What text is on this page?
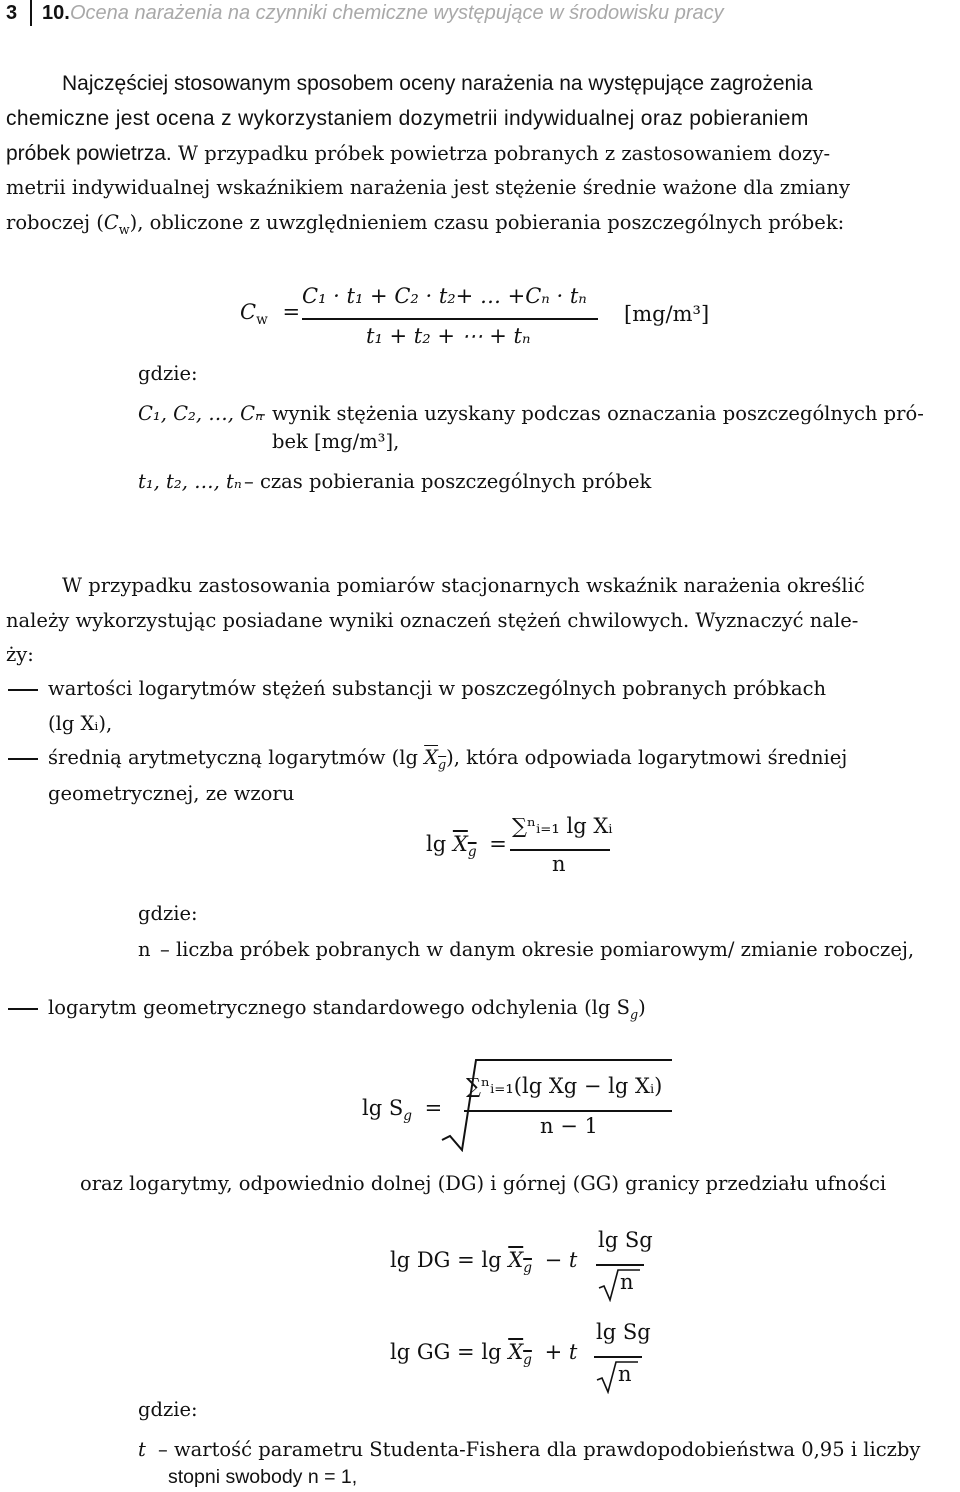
3 10. Ocena narażenia na czynniki chemiczne występujące w środowisku pracy
Najczęściej stosowanym sposobem oceny narażenia na występujące zagrożenia
chemiczne jest ocena z wykorzystaniem dozymetrii indywidualnej oraz pobieraniem
próbek powietrza. W przypadku próbek powietrza pobranych z zastosowaniem dozy-
metrii indywidualnej wskaźnikiem narażenia jest stężenie średnie ważone dla zmiany
roboczej $(C_w)$, obliczone z uwzględnieniem czasu pobierania poszczególnych próbek:
$C_w$ =
C₁ · t₁ + C₂ · t₂+ … +Cₙ · tₙ
t₁ + t₂ + ⋯ + tₙ
[mg/m³]
gdzie:
C₁, C₂, …, Cₙ
– wynik stężenia uzyskany podczas oznaczania poszczególnych pró-
bek [mg/m³],
t₁, t₂, …, tₙ – czas pobierania poszczególnych próbek
W przypadku zastosowania pomiarów stacjonarnych wskaźnik narażenia określić
należy wykorzystując posiadane wyniki oznaczeń stężeń chwilowych. Wyznaczyć nale-
ży:
wartości logarytmów stężeń substancji w poszczególnych pobranych próbkach
(lg Xᵢ),
średnią arytmetyczną logarytmów (lg $X_g$), która odpowiada logarytmowi średniej
geometrycznej, ze wzoru
$\lg X_g$ =
∑ⁿᵢ₌₁ lg Xᵢ
n
gdzie:
n – liczba próbek pobranych w danym okresie pomiarowym/ zmianie roboczej,
logarytm geometrycznego standardowego odchylenia (lg $S_g$)
$\lg S_g$ =
∑ⁿᵢ₌₁(lg Xg − lg Xᵢ)
n − 1
oraz logarytmy, odpowiednio dolnej (DG) i górnej (GG) granicy przedziału ufności
lg DG = $\lg X_g - t$
lg Sg
n
lg GG = $\lg X_g + t$
lg Sg
n
gdzie:
t – wartość parametru Studenta-Fishera dla prawdopodobieństwa 0,95 i liczby
stopni swobody n = 1,
